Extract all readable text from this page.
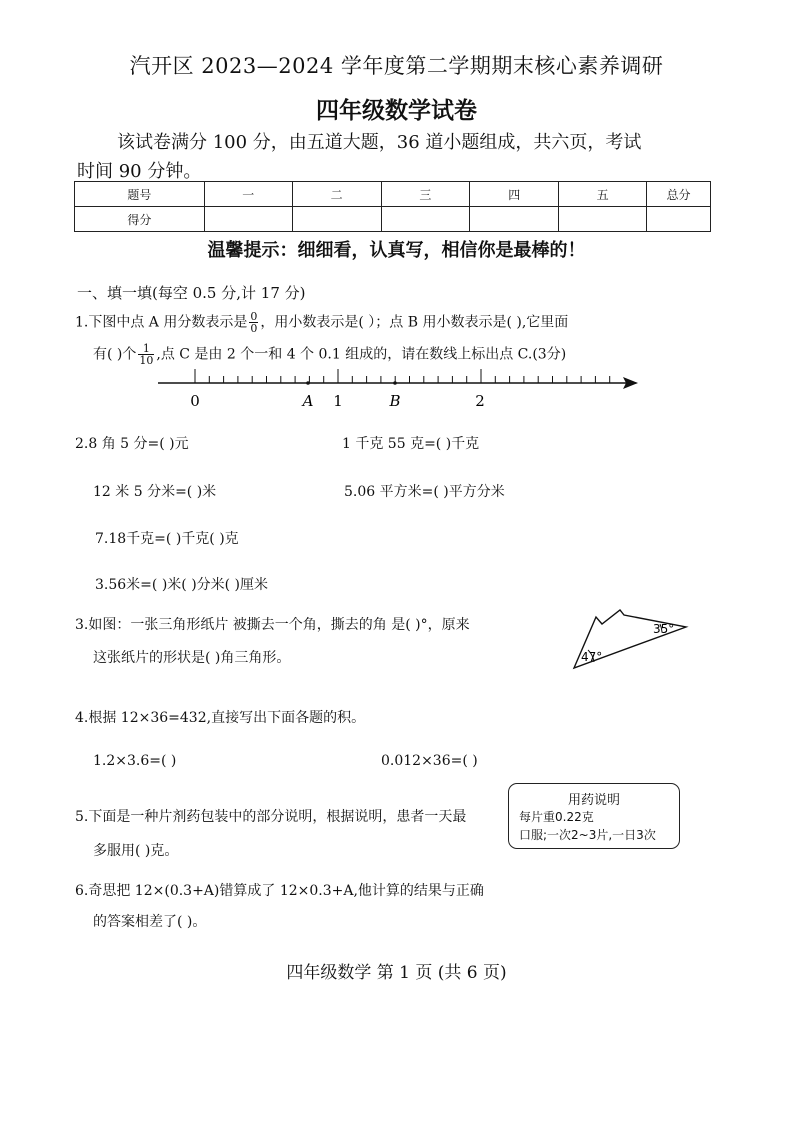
汽开区 2023—2024 学年度第二学期期末核心素养调研
四年级数学试卷
该试卷满分 100 分，由五道大题，36 道小题组成，共六页，考试
时间 90 分钟。
题号	一	二	三	四	五	总分
得分						
温馨提示：细细看，认真写，相信你是最棒的！
一、填一填(每空 0.5 分,计 17 分)
1.下图中点 A 用分数表示是 $\frac{0}{0}$ ，用小数表示是( ）；点 B 用小数表示是( ),它里面
有( )个 $\frac{1}{10}$ ,点 C 是由 2 个一和 4 个 0.1 组成的，请在数线上标出点 C.(3分)
0	A 1	B	2
2.8 角 5 分=( )元	1 千克 55 克=( )千克
12 米 5 分米=( )米	5.06 平方米=( )平方分米
7.18千克=( )千克( )克
3.56米=( )米( )分米( )厘米
3.如图：一张三角形纸片 被撕去一个角，撕去的角 是( )°，原来
这张纸片的形状是( )角三角形。
35°
47°
4.根据 12×36=432,直接写出下面各题的积。
1.2×3.6=( )	0.012×36=( )
5.下面是一种片剂药包装中的部分说明，根据说明，患者一天最
多服用( )克。
用药说明
每片重0.22克
口服;一次2~3片,一日3次
6.奇思把 12×(0.3+A)错算成了 12×0.3+A,他计算的结果与正确
的答案相差了( )。
四年级数学 第 1 页 (共 6 页)
